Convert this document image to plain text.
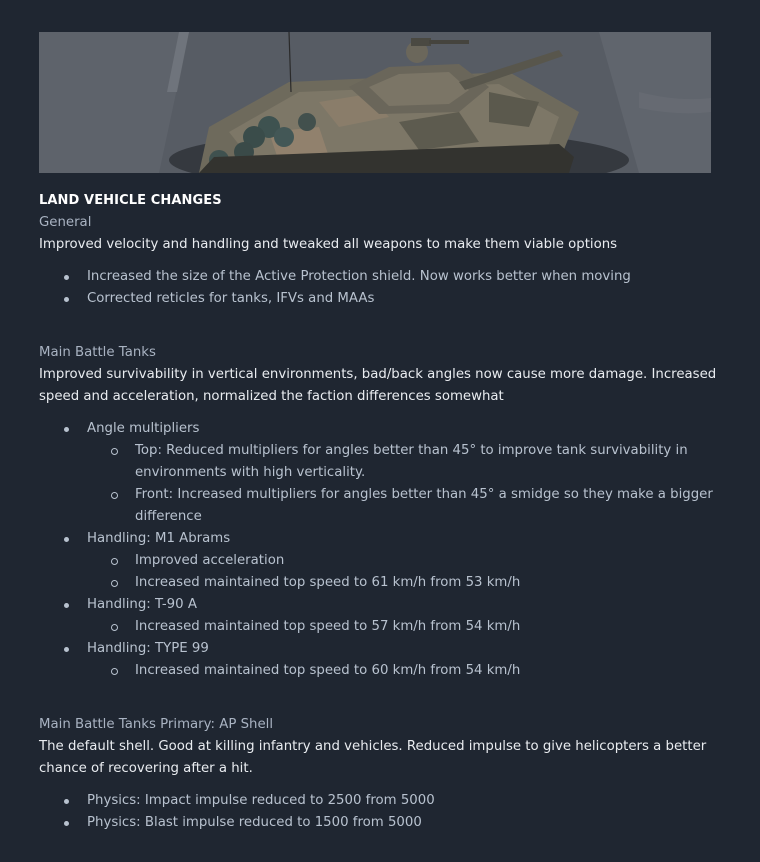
LAND VEHICLE CHANGES
General
Improved velocity and handling and tweaked all weapons to make them viable options
Increased the size of the Active Protection shield. Now works better when moving
Corrected reticles for tanks, IFVs and MAAs
Main Battle Tanks
Improved survivability in vertical environments, bad/back angles now cause more damage. Increased speed and acceleration, normalized the faction differences somewhat
Angle multipliers
Top: Reduced multipliers for angles better than 45° to improve tank survivability in environments with high verticality.
Front: Increased multipliers for angles better than 45° a smidge so they make a bigger difference
Handling: M1 Abrams
Improved acceleration
Increased maintained top speed to 61 km/h from 53 km/h
Handling: T-90 A
Increased maintained top speed to 57 km/h from 54 km/h
Handling: TYPE 99
Increased maintained top speed to 60 km/h from 54 km/h
Main Battle Tanks Primary: AP Shell
The default shell. Good at killing infantry and vehicles. Reduced impulse to give helicopters a better chance of recovering after a hit.
Physics: Impact impulse reduced to 2500 from 5000
Physics: Blast impulse reduced to 1500 from 5000
